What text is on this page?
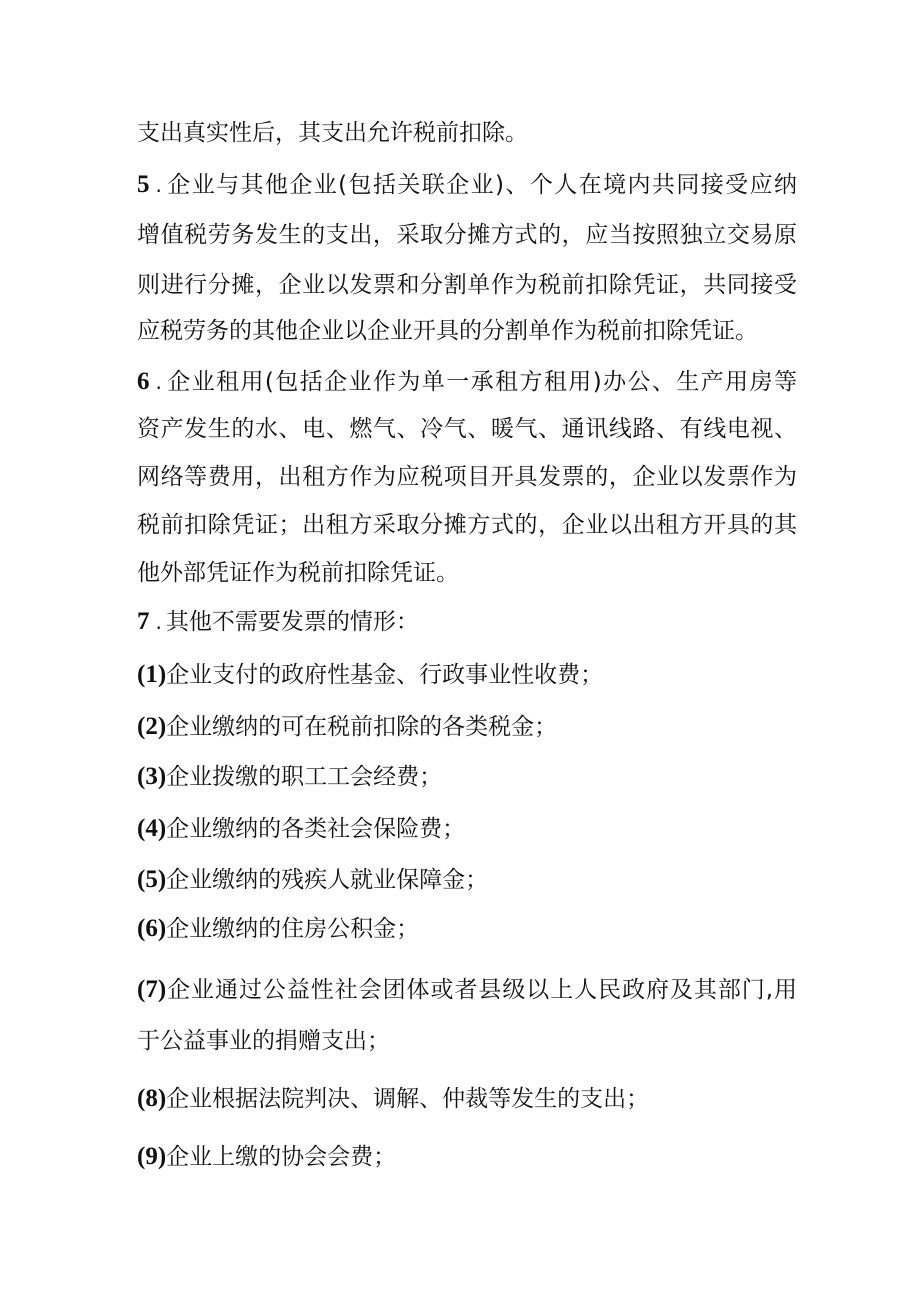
支出真实性后，其支出允许税前扣除。
5 . 企业与其他企业(包括关联企业)、个人在境内共同接受应纳
增值税劳务发生的支出，采取分摊方式的，应当按照独立交易原
则进行分摊，企业以发票和分割单作为税前扣除凭证，共同接受
应税劳务的其他企业以企业开具的分割单作为税前扣除凭证。
6 . 企业租用(包括企业作为单一承租方租用)办公、生产用房等
资产发生的水、电、燃气、冷气、暖气、通讯线路、有线电视、
网络等费用，出租方作为应税项目开具发票的，企业以发票作为
税前扣除凭证；出租方采取分摊方式的，企业以出租方开具的其
他外部凭证作为税前扣除凭证。
7 . 其他不需要发票的情形：
(1)企业支付的政府性基金、行政事业性收费；
(2)企业缴纳的可在税前扣除的各类税金；
(3)企业拨缴的职工工会经费；
(4)企业缴纳的各类社会保险费；
(5)企业缴纳的残疾人就业保障金；
(6)企业缴纳的住房公积金；
(7)企业通过公益性社会团体或者县级以上人民政府及其部门,用
于公益事业的捐赠支出；
(8)企业根据法院判决、调解、仲裁等发生的支出；
(9)企业上缴的协会会费；
